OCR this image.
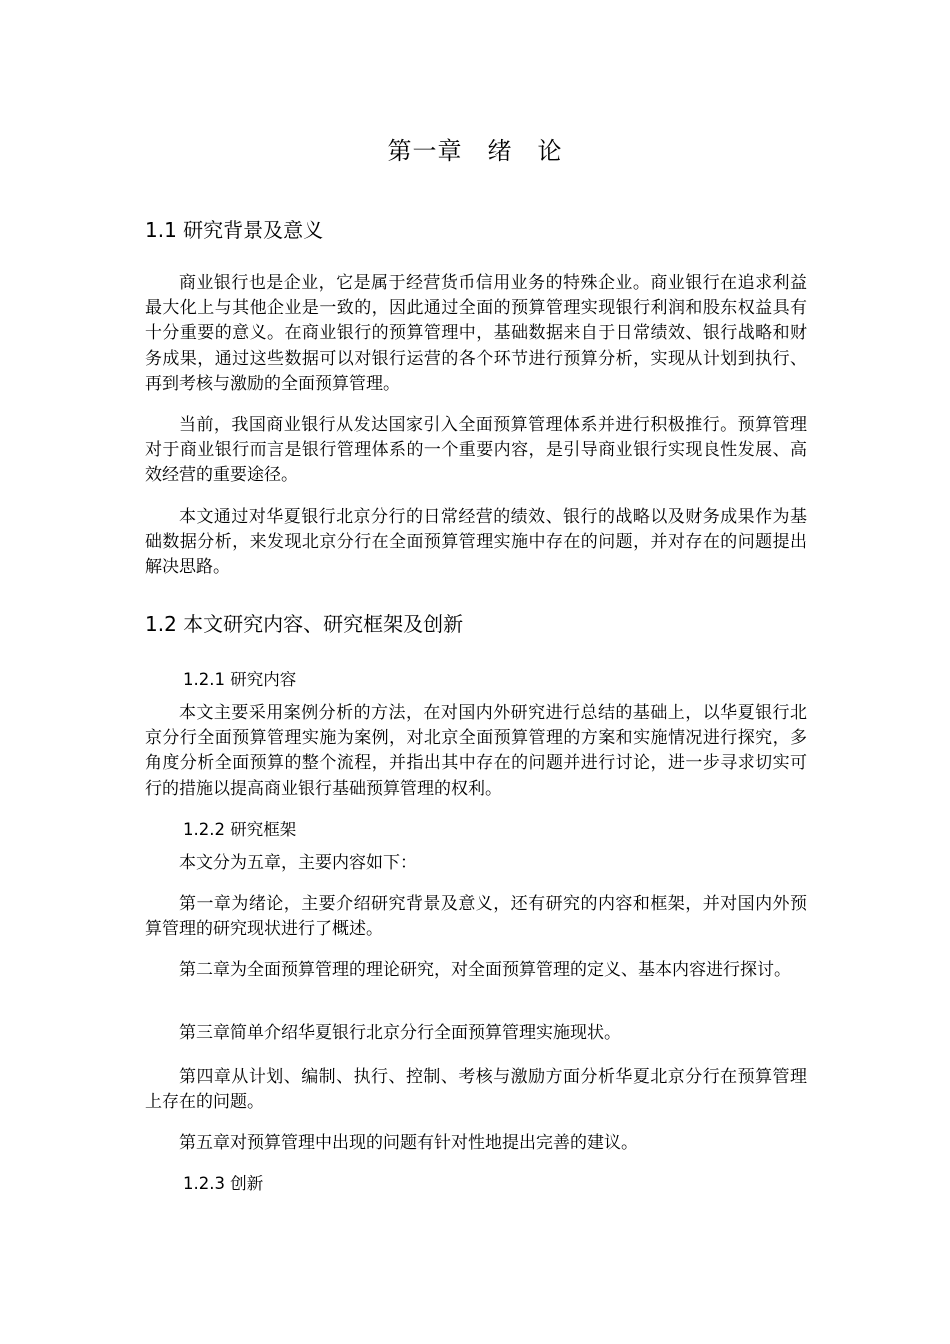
第一章　绪　论
1.1 研究背景及意义

商业银行也是企业，它是属于经营货币信用业务的特殊企业。商业银行在追求利益最大化上与其他企业是一致的，因此通过全面的预算管理实现银行利润和股东权益具有十分重要的意义。在商业银行的预算管理中，基础数据来自于日常绩效、银行战略和财务成果，通过这些数据可以对银行运营的各个环节进行预算分析，实现从计划到执行、再到考核与激励的全面预算管理。

当前，我国商业银行从发达国家引入全面预算管理体系并进行积极推行。预算管理对于商业银行而言是银行管理体系的一个重要内容，是引导商业银行实现良性发展、高效经营的重要途径。

本文通过对华夏银行北京分行的日常经营的绩效、银行的战略以及财务成果作为基础数据分析，来发现北京分行在全面预算管理实施中存在的问题，并对存在的问题提出解决思路。

1.2 本文研究内容、研究框架及创新
1.2.1 研究内容

本文主要采用案例分析的方法，在对国内外研究进行总结的基础上，以华夏银行北京分行全面预算管理实施为案例，对北京全面预算管理的方案和实施情况进行探究，多角度分析全面预算的整个流程，并指出其中存在的问题并进行讨论，进一步寻求切实可行的措施以提高商业银行基础预算管理的权利。

1.2.2 研究框架

本文分为五章，主要内容如下：

第一章为绪论，主要介绍研究背景及意义，还有研究的内容和框架，并对国内外预算管理的研究现状进行了概述。

第二章为全面预算管理的理论研究，对全面预算管理的定义、基本内容进行探讨。

第三章简单介绍华夏银行北京分行全面预算管理实施现状。

第四章从计划、编制、执行、控制、考核与激励方面分析华夏北京分行在预算管理上存在的问题。

第五章对预算管理中出现的问题有针对性地提出完善的建议。

1.2.3 创新
